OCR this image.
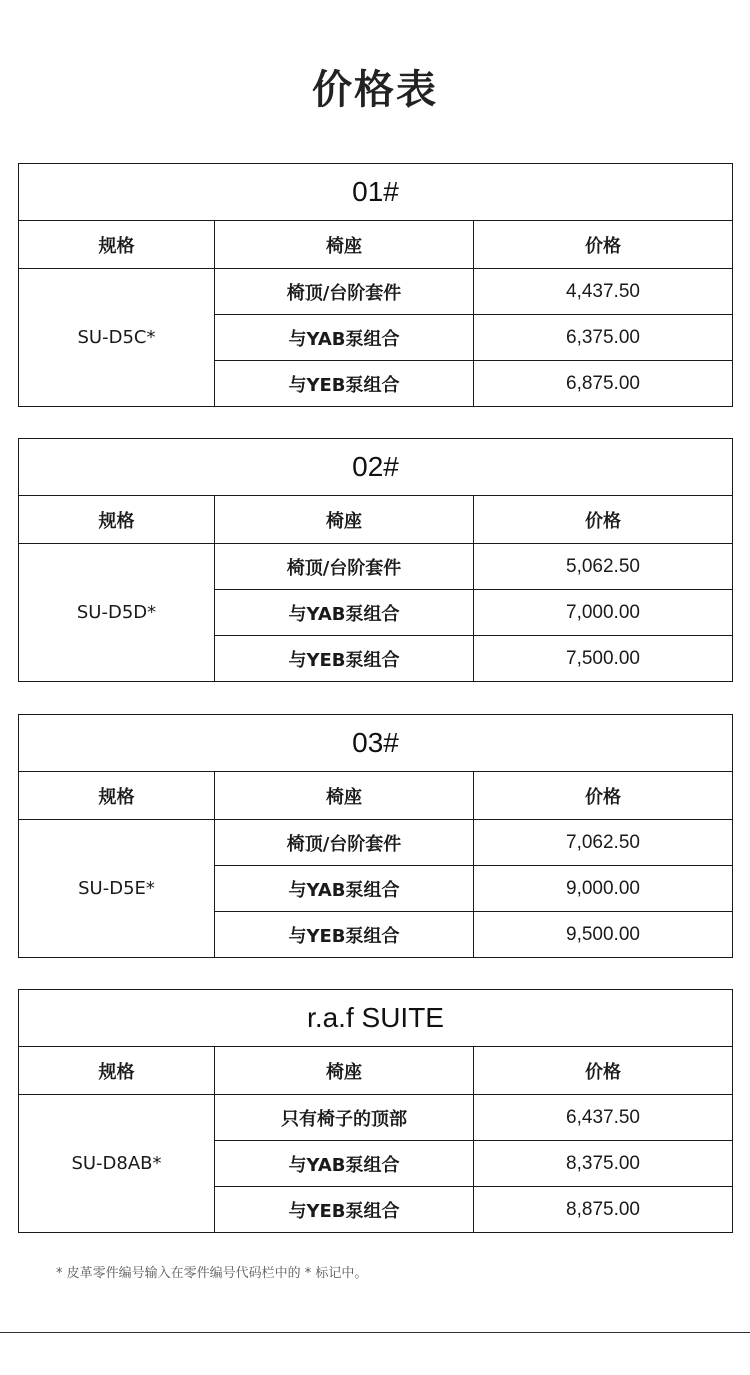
价格表
01#		
规格	椅座	价格
SU-D5C*	椅顶/台阶套件	4,437.50
	与YAB泵组合	6,375.00
	与YEB泵组合	6,875.00
02#		
规格	椅座	价格
SU-D5D*	椅顶/台阶套件	5,062.50
	与YAB泵组合	7,000.00
	与YEB泵组合	7,500.00
03#		
规格	椅座	价格
SU-D5E*	椅顶/台阶套件	7,062.50
	与YAB泵组合	9,000.00
	与YEB泵组合	9,500.00
r.a.f SUITE		
规格	椅座	价格
SU-D8AB*	只有椅子的顶部	6,437.50
	与YAB泵组合	8,375.00
	与YEB泵组合	8,875.00
* 皮革零件编号输入在零件编号代码栏中的 * 标记中。
